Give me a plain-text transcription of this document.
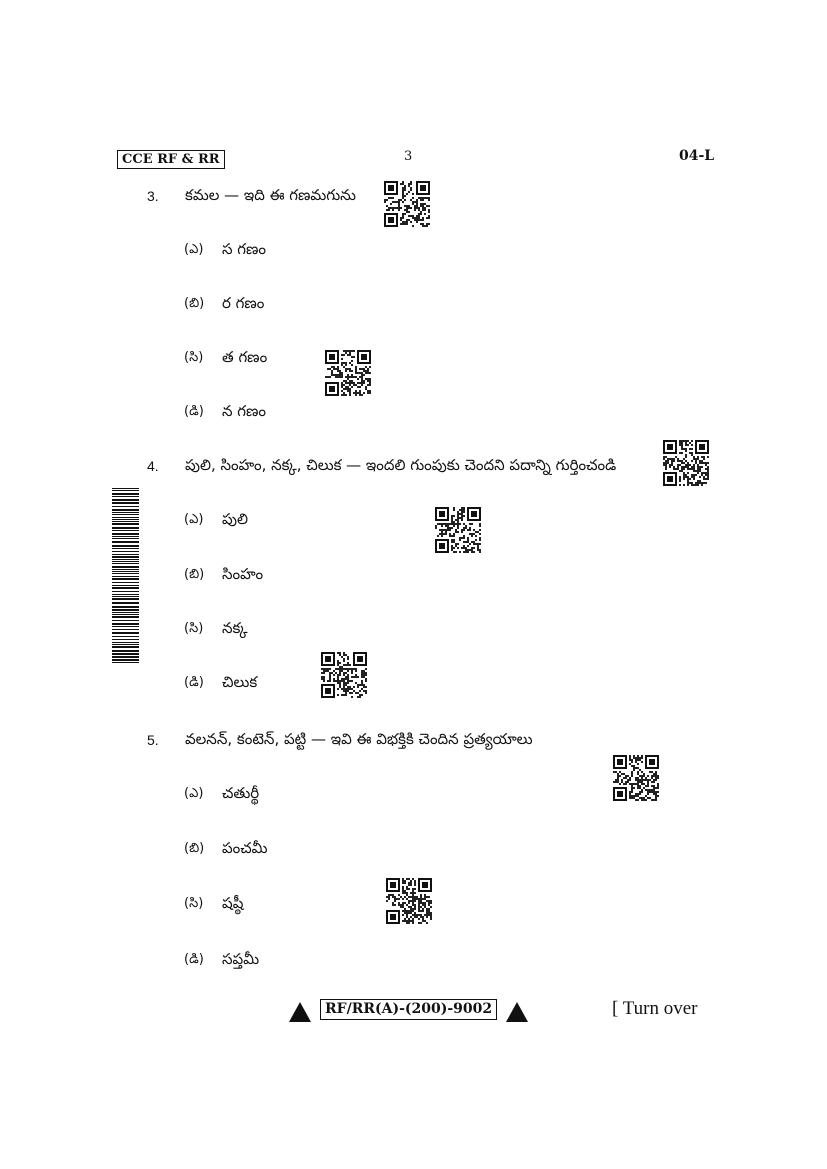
CCE RF & RR	3	04-L
3. కమల — ఇది ఈ గణమగును
(ఎ) స గణం
(బి) ర గణం
(సి) త గణం
(డి) న గణం
4. పులి, సింహం, నక్క, చిలుక — ఇందలి గుంపుకు చెందని పదాన్ని గుర్తించండి
(ఎ) పులి
(బి) సింహం
(సి) నక్క
(డి) చిలుక
5. వలనన్, కంటెన్, పట్టి — ఇవి ఈ విభక్తికి చెందిన ప్రత్యయాలు
(ఎ) చతుర్థీ
(బి) పంచమీ
(సి) షష్ఠీ
(డి) సప్తమీ
RF/RR(A)-(200)-9002	[ Turn over
